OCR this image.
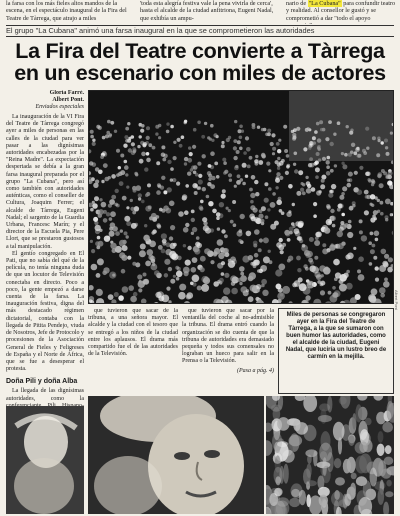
la farsa con los más fieles altos mandos de la escena, en el espectáculo inaugural de la Fira del Teatre de Tàrrega, que atrajo a miles
'toda esta alegría festiva vale la pena vivirla de cerca', hasta el alcalde de la ciudad anfitriona, Eugeni Nadal, que exhibía un ampu-
nario de "La Cubana" para confundir teatro y realidad. Al consellor le gustó y se comprometió a dar "todo el apoyo
El grupo "La Cubana" animó una farsa inaugural en la que se comprometieron las autoridades
La Fira del Teatre convierte a Tàrrega en un escenario con miles de actores
Gloria Farré.
Albert Pont.
Enviados especiales

La inauguración de la VI Fira del Teatre de Tàrrega congregó ayer a miles de personas en las calles de la ciudad para ver pasar a las dignísimas autoridades encabezadas por la "Reina Madre". La expectación despertada se debía a la gran farsa inaugural preparada por el grupo "La Cubana", pero así como también con autoridades auténticas, como el conseller de Cultura, Joaquim Ferrer; el alcalde de Tàrrega, Eugeni Nadal; el sargento de la Guardia Urbana, Francesc Marín; y el director de la Escuela Pia, Pere Llort, que se prestaron gustosos a tal manipulación.

El gentío congregado en El Pati, que no sabía del qué de la película, no tenía ninguna duda de que un locutor de Televisión conectaba en directo. Poco a poco, la gente empezó a darse cuenta de la farsa. La inauguración festiva, digna del más destacado régimen dictatorial, contaba con la llegada de Pitita Pendejo, viuda de Nosotros, Jefe de Protocolo y procesiones de la Asociación General de Fieles y Feligreses de España y el Norte de África, que se fue a desesperar el protesta.

Doña Pili y doña Alba

La llegada de las dignísimas autoridades, como la

Albert Pont

que tuvieron que sacar de la tribuna, a una señora mayor. El alcalde y la ciudad con el tesoro que se entregó a los niños de la ciudad entre los aplausos. El drama más compartido fue el de las autoridades de la Televisión.

que tuvieron que sacar por la ventanilla del coche al no-admisible la tribuna. El drama entró cuando la organización se dio cuenta de que la tribuna de autoridades era demasiado pequeña y todos sus comensales no lograban un hueco para salir en la Prensa o la Televisión.

(Pasa a pág. 4)
Miles de personas se congregaron ayer en la Fira del Teatre de Tàrrega, a la que se sumaron con buen humor las autoridades, como el alcalde de la ciudad, Eugeni Nadal, que luciría un lustro breo de carmín en la mejilla.
